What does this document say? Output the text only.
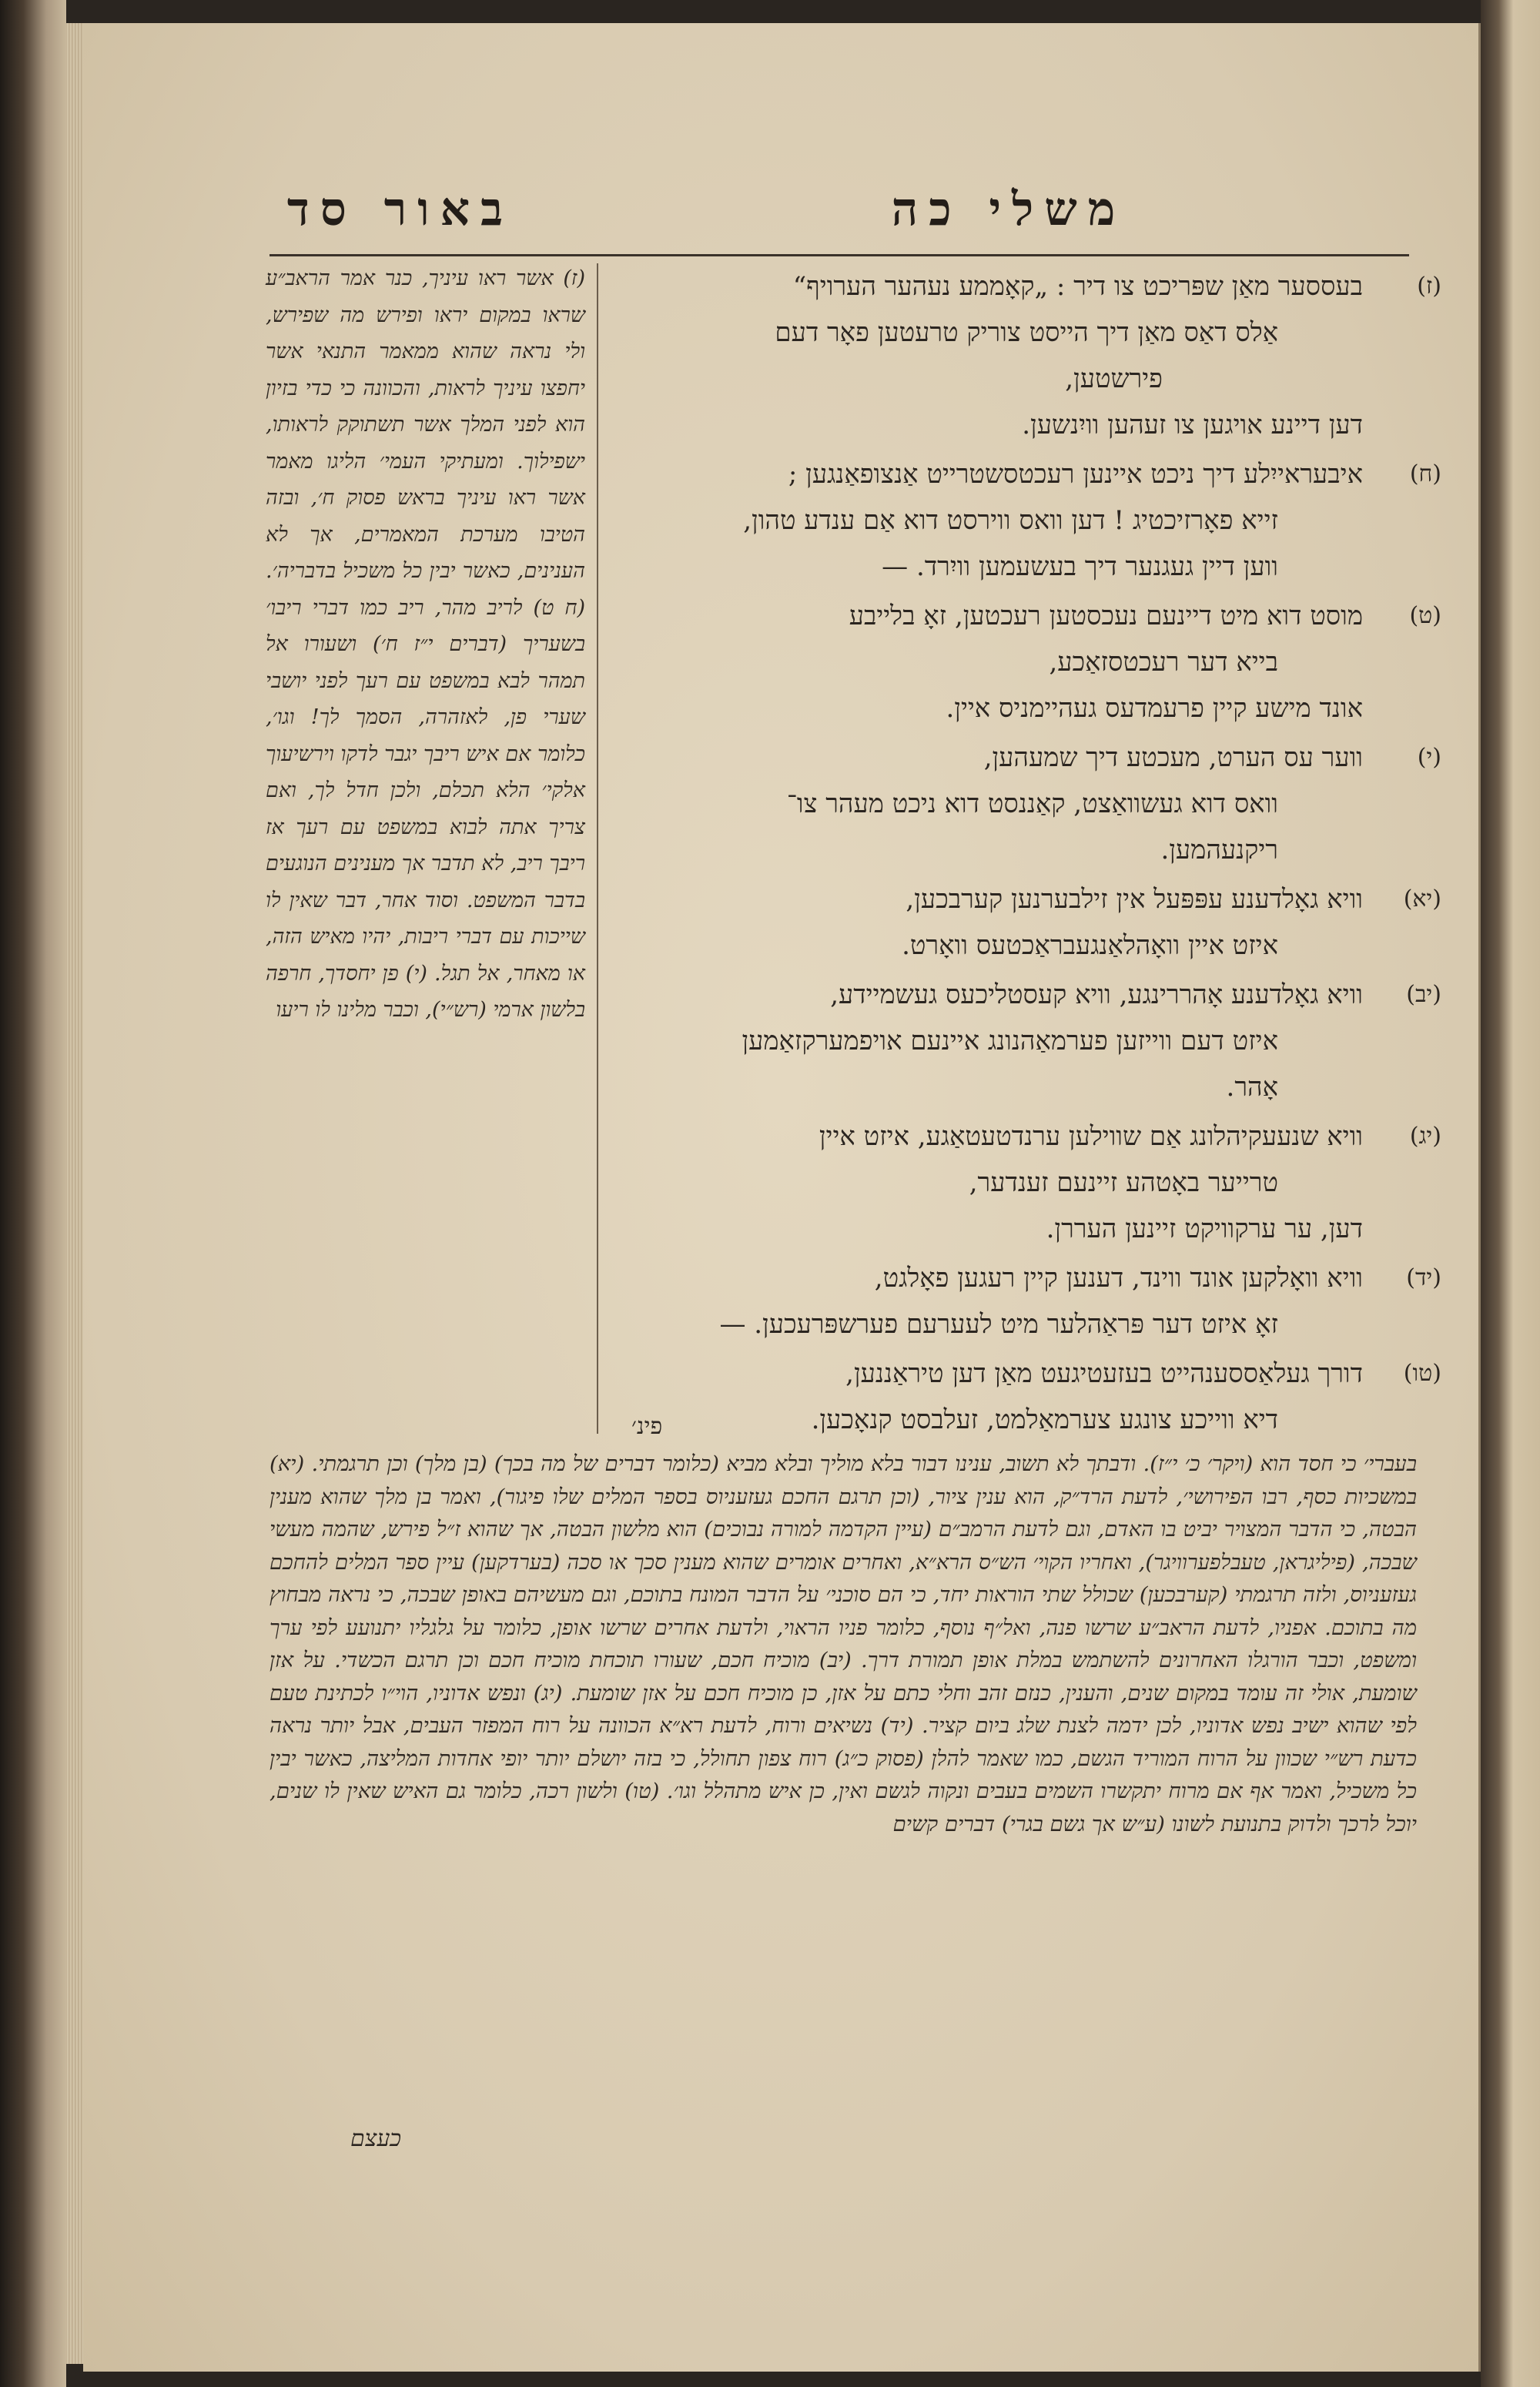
משלי כה
באור סד
(ז) אשר ראו עיניך, כנר אמר הראב״ע שראו במקום יראו ופירש מה שפירש, ולי נראה שהוא ממאמר התנאי אשר יחפצו עיניך לראות, והכוונה כי כדי בזיון הוא לפני המלך אשר תשתוקק לראותו, ישפילוך. ומעתיקי העמי׳ הליגו מאמר אשר ראו עיניך בראש פסוק ח׳, ובזה הטיבו מערכת המאמרים, אך לא הענינים, כאשר יבין כל משכיל בדבריה׳. (ח ט) לריב מהר, ריב כמו דברי ריבו׳ בשעריך (דברים י״ז ח׳) ושעורו אל תמהר לבא במשפט עם רעך לפני יושבי שערי פן, לאזהרה, הסמך לך! וגו׳, כלומר אם איש ריבך יגבר לדקו וירשיעוך אלקי׳ הלא תכלם, ולכן חדל לך, ואם צריך אתה לבוא במשפט עם רעך אז ריבך ריב, לא תדבר אך מענינים הנוגעים בדבר המשפט. וסוד אחר, דבר שאין לו שייכות עם דברי ריבות, יהיו מאיש הזה, או מאחר, אל תגל. (י) פן יחסדך, חרפה בלשון ארמי (רש״י), וכבר מלינו לו ריעו
(ז)
בעססער מאַן שפּריכט צו דיר : „קאָממע נעהער הערויף“
אַלס דאַס מאַן דיך הייסט צוריק טרעטען פאָר דעם
פירשטען,
דען דיינע אויגען צו זעהען וויִנשען.
(ח)
איבעראייִלע דיך ניכט איינען רעכטסשטרייט אַנצופאַנגען ;
זייא פאָרזיכטיג ! דען וואס ווירסט דוא אַם ענדע טהון,
ווען דיין געגנער דיך בעשעמען וויִרד. —
(ט)
מוסט דוא מיט דיינעם נעכסטען רעכטען, זאָ בלייבע
בייא דער רעכטסזאַכע,
אונד מישע קיין פרעמדעס געהיימניס איין.
(י)
ווער עס הערט, מעכטע דיך שמעהען,
וואס דוא געשוואַצט, קאַננסט דוא ניכט מעהר צו־
ריקנעהמען.
(יא)
וויא גאָלדענע עפּפּעל אין זילבערנען קערבכען,
איזט איין וואָהלאַנגעבראַכטעס וואָרט.
(יב)
וויא גאָלדענע אָהררינגע, וויא קעסטליכעס געשמיידע,
איזט דעם ווייזען פערמאַהנונג איינעם אויפמערקזאַמען
אָהר.
(יג)
וויא שנעעקיהלונג אַם שווילען ערנדטעטאַגע, איזט איין
טרייער באָטהע זיינעם זענדער,
דען, ער ערקוויקט זיינען העררן.
(יד)
וויא וואָלקען אונד ווינד, דענען קיין רעגען פאָלגט,
זאָ איזט דער פּראַהלער מיט לעערעם פערשפּרעכען. —
(טו)
דורך געלאַססענהייט בעזעטיגעט מאַן דען טיראַננען,
דיא ווייכע צונגע צערמאַלמט, זעלבסט קנאָכען.
פינ׳
בעברי׳ כי חסד הוא (ויקר׳ כ׳ י״ז). ודבתך לא תשוב, ענינו דבור בלא מוליך ובלא מביא (כלומר דברים של מה בכך) (בן מלך) וכן תרגמתי. (יא) במשכיות כסף, רבו הפירושי׳, לדעת הרד״ק, הוא ענין ציור, (וכן תרגם החכם געזעניוס בספר המלים שלו פיגור), ואמר בן מלך שהוא מענין הבטה, כי הדבר המצויר יביט בו האדם, וגם לדעת הרמב״ם (עיין הקדמה למורה נבוכים) הוא מלשון הבטה, אך שהוא ז״ל פירש, שהמה מעשי שבכה, (פיליגראן, טעבלפערוויגר), ואחריו הקוי׳ הש״ס הרא״א, ואחרים אומרים שהוא מענין סכך או סכה (בערדקען) עיין ספר המלים להחכם געזעניוס, ולזה תרגמתי (קערבכען) שכולל שתי הוראות יחד, כי הם סוכני׳ על הדבר המונח בתוכם, וגם מעשיהם באופן שבכה, כי נראה מבחוץ מה בתוכם. אפניו, לדעת הראב״ע שרשו פנה, ואל״ף נוסף, כלומר פניו הראוי, ולדעת אחרים שרשו אופן, כלומר על גלגליו יתנועע לפי ערך ומשפט, וכבר הורגלו האחרונים להשתמש במלת אופן תמורת דרך. (יב) מוכיח חכם, שעורו תוכחת מוכיח חכם וכן תרגם הכשדי. על אזן שומעת, אולי זה עומד במקום שנים, והענין, כנזם זהב וחלי כתם על אזן, כן מוכיח חכם על אזן שומעת. (יג) ונפש אדוניו, הוי״ו לכתינת טעם לפי שהוא ישיב נפש אדוניו, לכן ידמה לצנת שלג ביום קציר. (יד) נשיאים ורוח, לדעת רא״א הכוונה על רוח המפזר העבים, אבל יותר נראה כדעת רש״י שכוון על הרוח המוריד הגשם, כמו שאמר להלן (פסוק כ״ג) רוח צפון תחולל, כי בזה יושלם יותר יופי אחדות המליצה, כאשר יבין כל משכיל, ואמר אף אם מרוח יתקשרו השמים בעבים ונקוה לגשם ואין, כן איש מתהלל וגו׳. (טו) ולשון רכה, כלומר גם האיש שאין לו שנים, יוכל לרכך ולדוק בתנועת לשונו (ע״ש אך גשם בגרי) דברים קשים
כעצם
